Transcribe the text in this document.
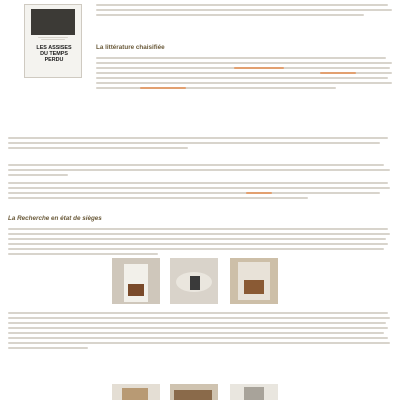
LES ASSISES
DU TEMPS
PERDU
La littérature chaisifiée
La Recherche en état de sièges
